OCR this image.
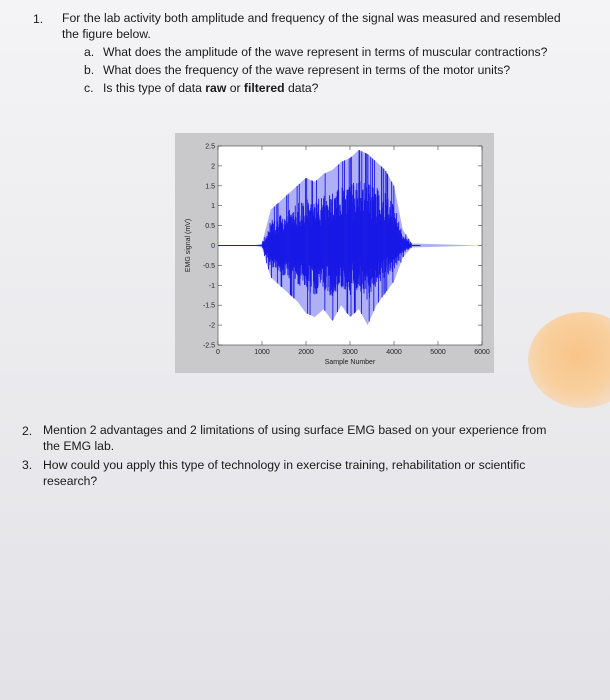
1. For the lab activity both amplitude and frequency of the signal was measured and resembled
the figure below.
a. What does the amplitude of the wave represent in terms of muscular contractions?
b. What does the frequency of the wave represent in terms of the motor units?
c. Is this type of data raw or filtered data?
2.5
2
1.5
1
0.5
0
-0.5
-1
-1.5
-2
-2.5
0	1000	2000	3000	4000	5000	6000
Sample Number
EMG signal (mV)
2. Mention 2 advantages and 2 limitations of using surface EMG based on your experience from
the EMG lab.
3. How could you apply this type of technology in exercise training, rehabilitation or scientific
research?
